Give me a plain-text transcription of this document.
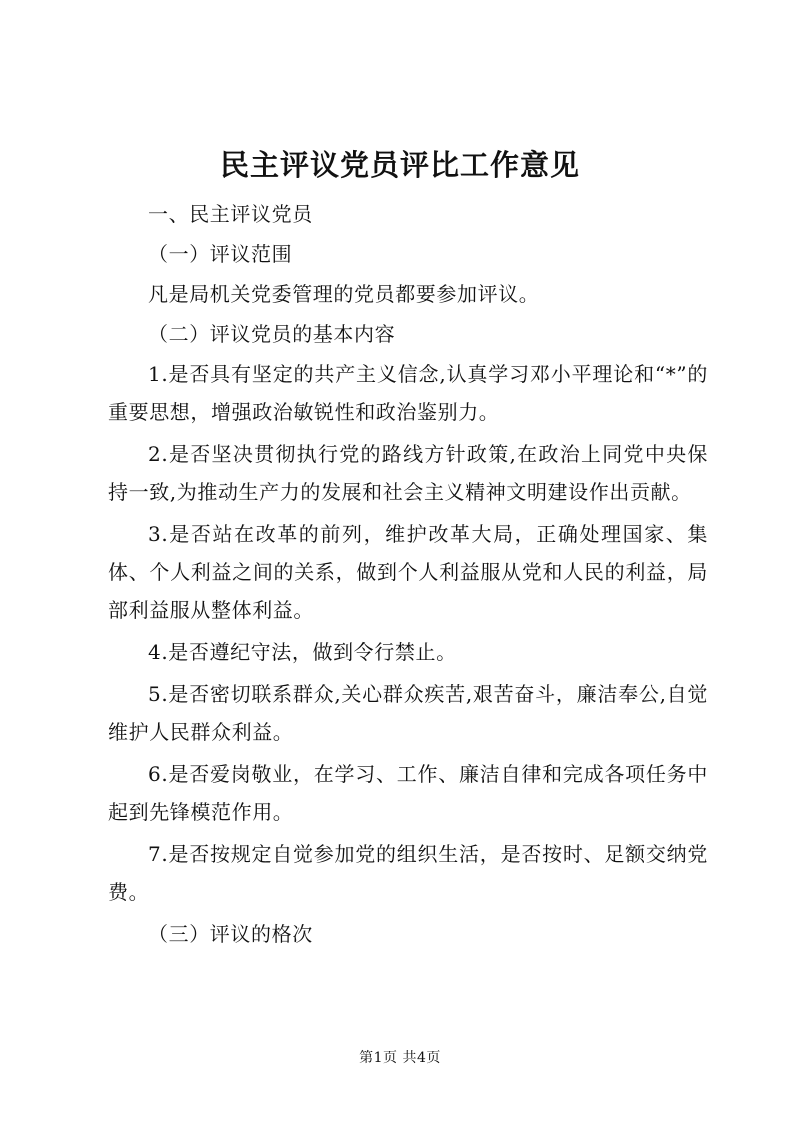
民主评议党员评比工作意见

一、民主评议党员

（一）评议范围

凡是局机关党委管理的党员都要参加评议。

（二）评议党员的基本内容

1.是否具有坚定的共产主义信念,认真学习邓小平理论和“*”的重要思想，增强政治敏锐性和政治鉴别力。

2.是否坚决贯彻执行党的路线方针政策,在政治上同党中央保持一致,为推动生产力的发展和社会主义精神文明建设作出贡献。

3.是否站在改革的前列，维护改革大局，正确处理国家、集体、个人利益之间的关系，做到个人利益服从党和人民的利益，局部利益服从整体利益。

4.是否遵纪守法，做到令行禁止。

5.是否密切联系群众,关心群众疾苦,艰苦奋斗，廉洁奉公,自觉维护人民群众利益。

6.是否爱岗敬业，在学习、工作、廉洁自律和完成各项任务中起到先锋模范作用。

7.是否按规定自觉参加党的组织生活，是否按时、足额交纳党费。

（三）评议的格次

第1页 共4页
